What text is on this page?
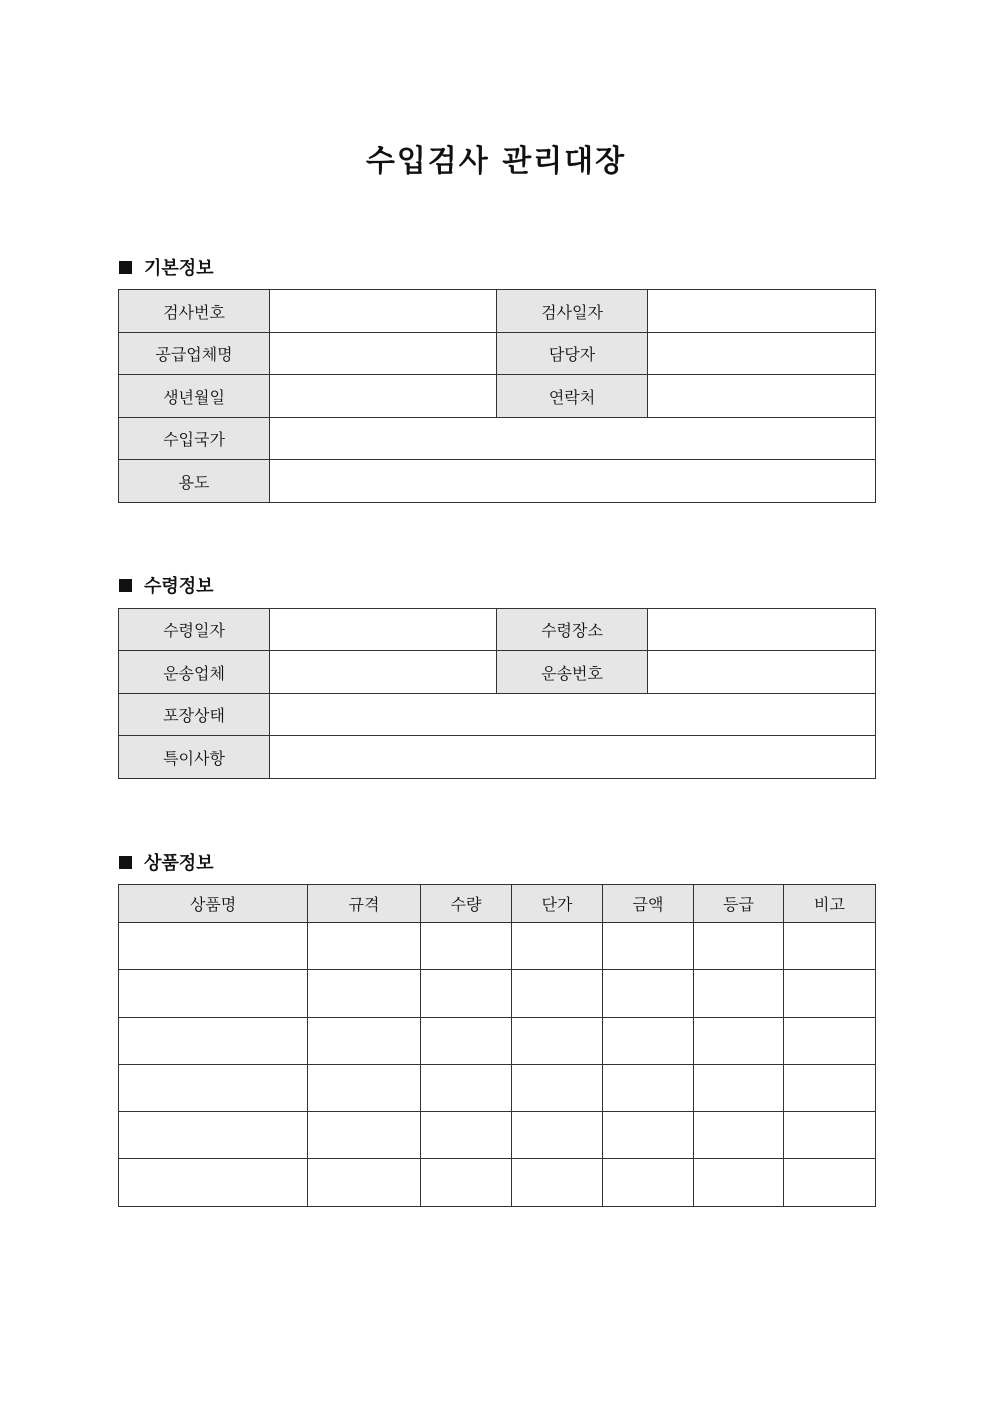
수입검사 관리대장
기본정보
검사번호		검사일자	
공급업체명		담당자	
생년월일		연락처	
수입국가			
용도			
수령정보
수령일자		수령장소	
운송업체		운송번호	
포장상태			
특이사항			
상품정보
상품명	규격	수량	단가	금액	등급	비고
